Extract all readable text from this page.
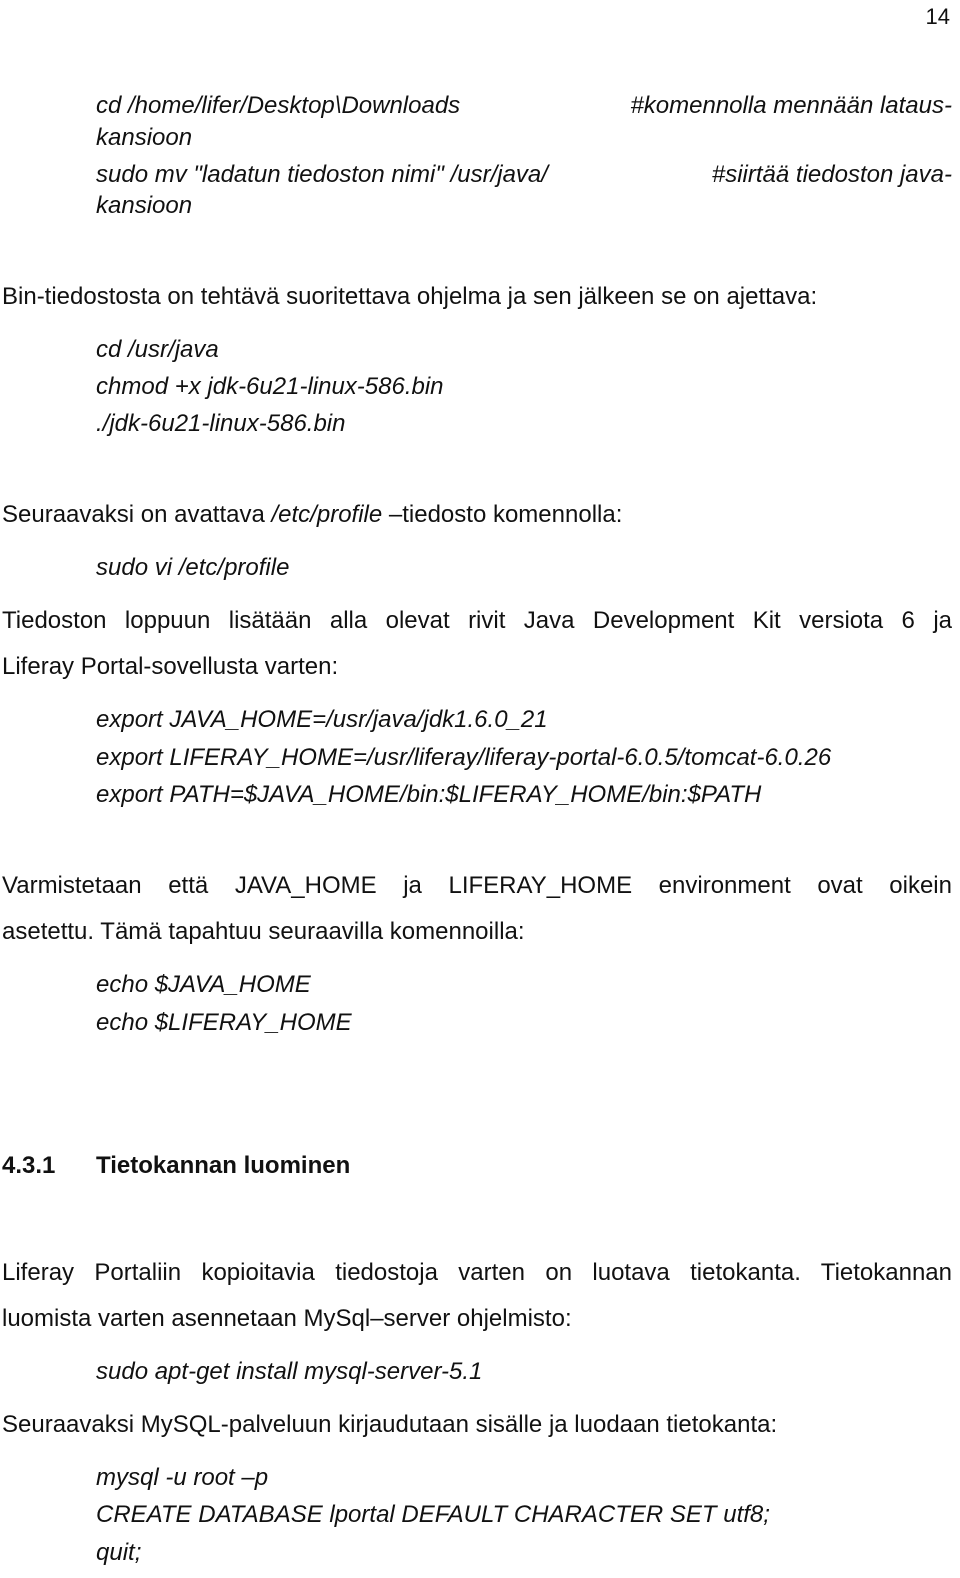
14
cd /home/lifer/Desktop\Downloads	#komennolla mennään lataus-
kansioon
sudo mv "ladatun tiedoston nimi" /usr/java/	#siirtää tiedoston java-
kansioon
Bin-tiedostosta on tehtävä suoritettava ohjelma ja sen jälkeen se on ajettava:
cd /usr/java
chmod +x jdk-6u21-linux-586.bin
./jdk-6u21-linux-586.bin
Seuraavaksi on avattava /etc/profile –tiedosto komennolla:
sudo vi /etc/profile
Tiedoston loppuun lisätään alla olevat rivit Java Development Kit versiota 6 ja
Liferay Portal-sovellusta varten:
export JAVA_HOME=/usr/java/jdk1.6.0_21
export LIFERAY_HOME=/usr/liferay/liferay-portal-6.0.5/tomcat-6.0.26
export PATH=$JAVA_HOME/bin:$LIFERAY_HOME/bin:$PATH
Varmistetaan että JAVA_HOME ja LIFERAY_HOME environment ovat oikein
asetettu. Tämä tapahtuu seuraavilla komennoilla:
echo $JAVA_HOME
echo $LIFERAY_HOME
4.3.1 Tietokannan luominen
Liferay Portaliin kopioitavia tiedostoja varten on luotava tietokanta. Tietokannan
luomista varten asennetaan MySql–server ohjelmisto:
sudo apt-get install mysql-server-5.1
Seuraavaksi MySQL-palveluun kirjaudutaan sisälle ja luodaan tietokanta:
mysql -u root –p
CREATE DATABASE lportal DEFAULT CHARACTER SET utf8;
quit;
